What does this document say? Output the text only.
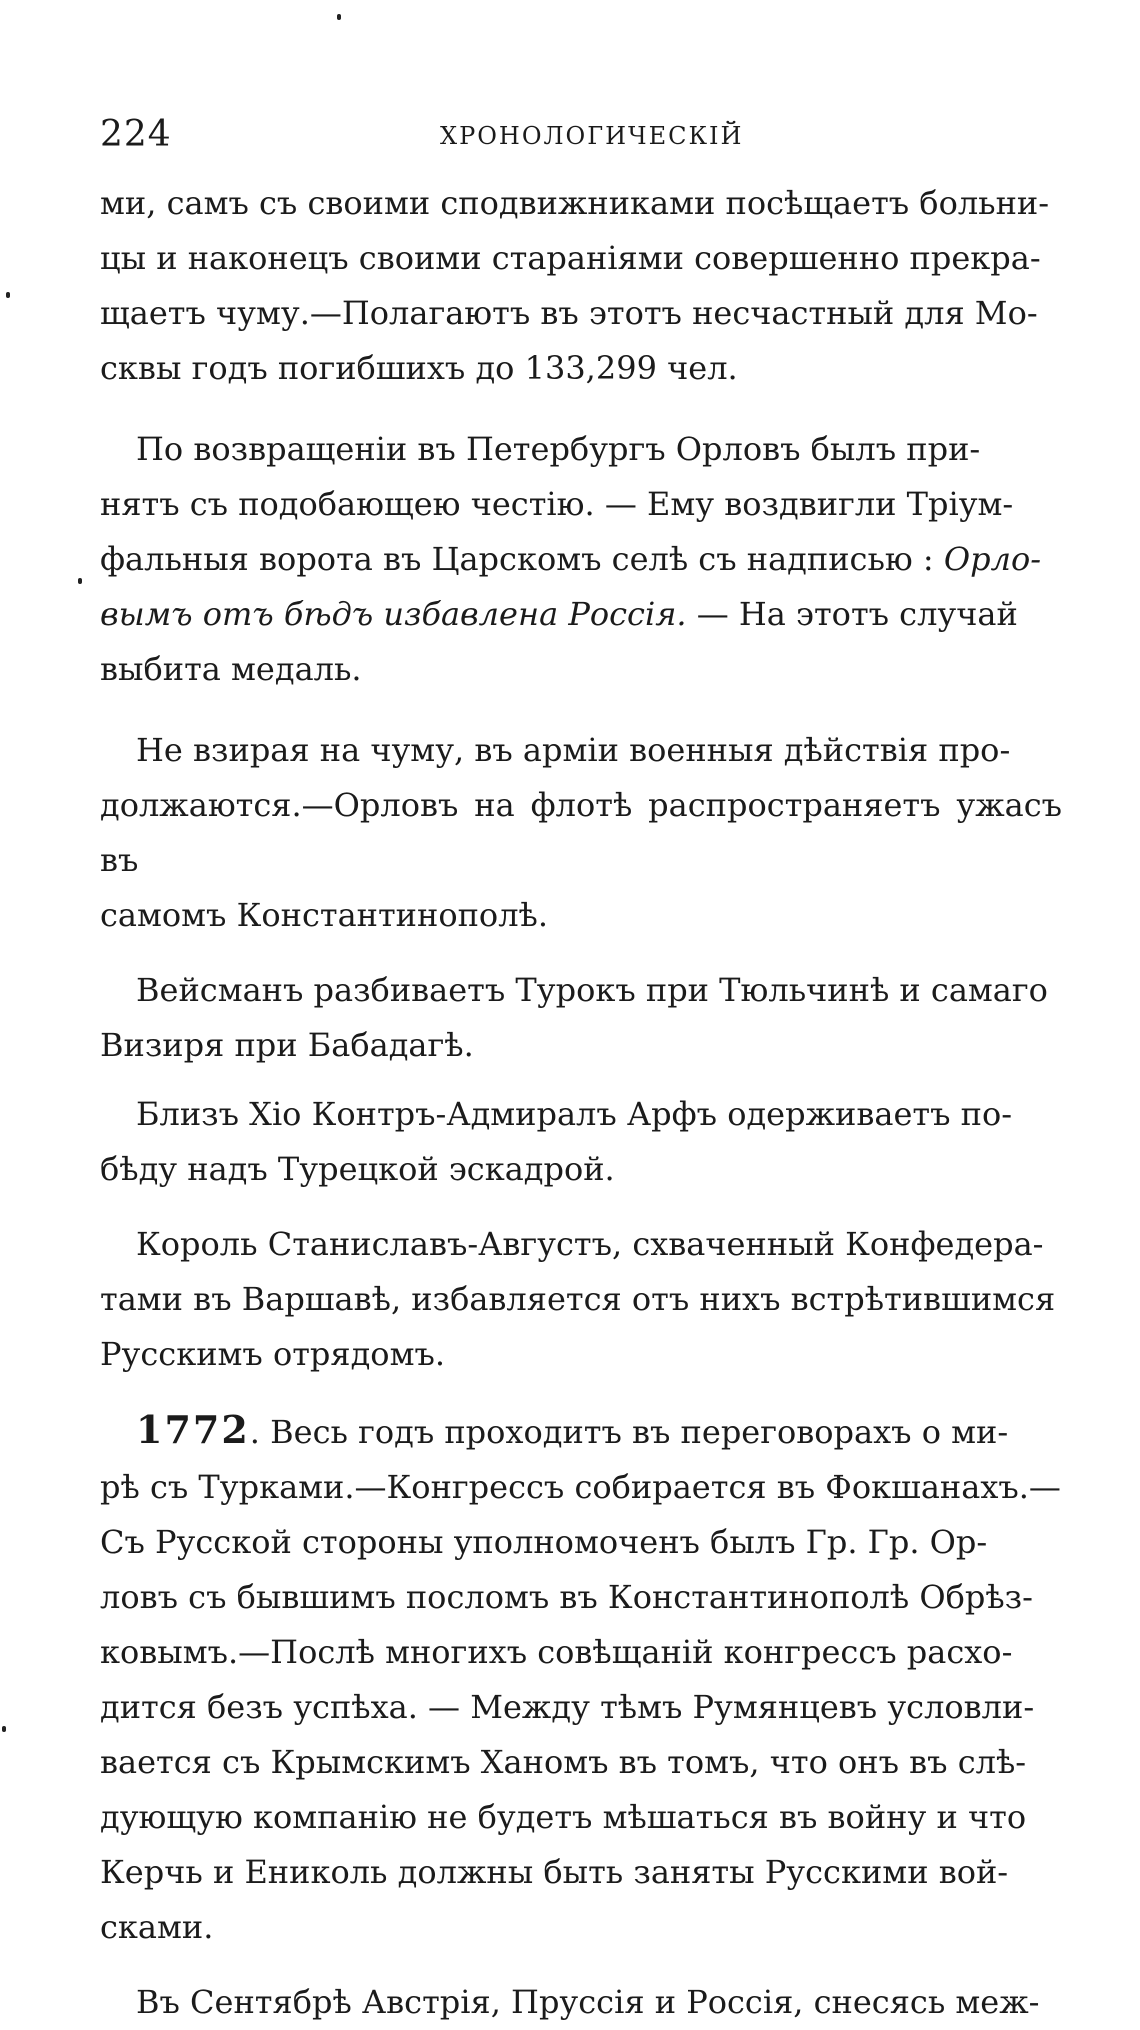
224	ХРОНОЛОГИЧЕСКІЙ

ми, самъ съ своими сподвижниками посѣщаетъ больни-
цы и наконецъ своими стараніями совершенно прекра-
щаетъ чуму.—Полагаютъ въ этотъ несчастный для Мо-
сквы годъ погибшихъ до 133,299 чел.

По возвращеніи въ Петербургъ Орловъ былъ при-
нятъ съ подобающею честію. — Ему воздвигли Тріум-
фальныя ворота въ Царскомъ селѣ съ надписью : Орло-
вымъ отъ бѣдъ избавлена Россія. — На этотъ случай
выбита медаль.

Не взирая на чуму, въ арміи военныя дѣйствія про-
должаются.—Орловъ на флотѣ распространяетъ ужасъ въ
самомъ Константинополѣ.

Вейсманъ разбиваетъ Турокъ при Тюльчинѣ и самаго
Визиря при Бабадагѣ.

Близъ Хіо Контръ-Адмиралъ Арфъ одерживаетъ по-
бѣду надъ Турецкой эскадрой.

Король Станиславъ-Августъ, схваченный Конфедера-
тами въ Варшавѣ, избавляется отъ нихъ встрѣтившимся
Русскимъ отрядомъ.

1772. Весь годъ проходитъ въ переговорахъ о ми-
рѣ съ Турками.—Конгрессъ собирается въ Фокшанахъ.—
Съ Русской стороны уполномоченъ былъ Гр. Гр. Ор-
ловъ съ бывшимъ посломъ въ Константинополѣ Обрѣз-
ковымъ.—Послѣ многихъ совѣщаній конгрессъ расхо-
дится безъ успѣха. — Между тѣмъ Румянцевъ условли-
вается съ Крымскимъ Ханомъ въ томъ, что онъ въ слѣ-
дующую компанію не будетъ мѣшаться въ войну и что
Керчь и Ениколь должны быть заняты Русскими вой-
сками.

Въ Сентябрѣ Австрія, Пруссія и Россія, снесясь меж-
